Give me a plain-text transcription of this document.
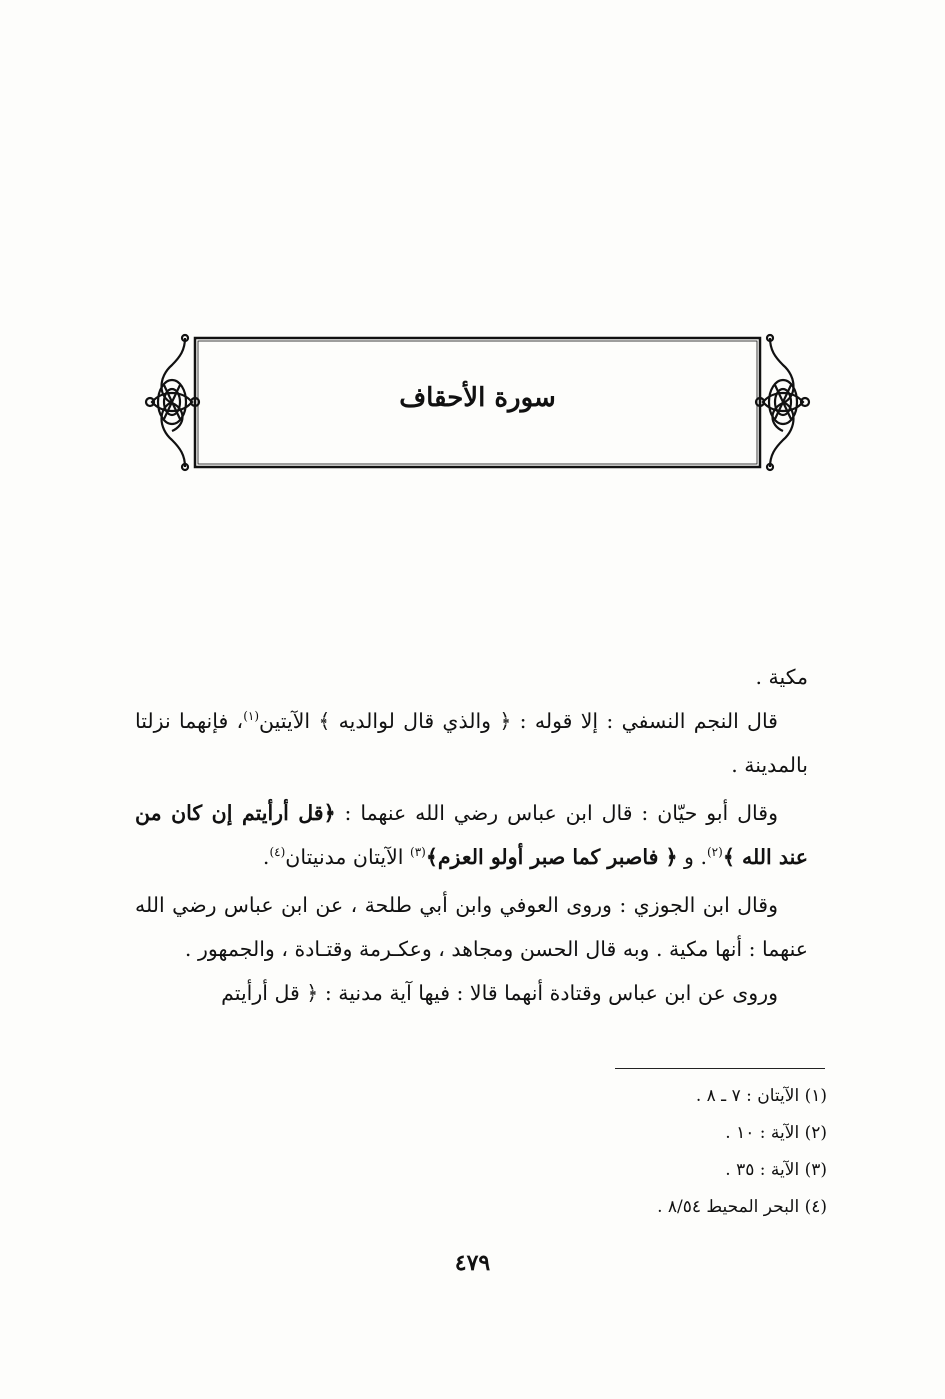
سورة الأحقاف

مكية .

قال النجم النسفي : إلا قوله : ﴿ والذي قال لوالديه ﴾ الآيتين$^{(١)}$، فإنهما نزلتا بالمدينة .

وقال أبو حيّان : قال ابن عباس رضي الله عنهما : ﴿قل أرأيتم إن كان من عند الله ﴾$^{(٢)}$. و ﴿ فاصبر كما صبر أولو العزم﴾$^{(٣)}$ الآيتان مدنيتان$^{(٤)}$.

وقال ابن الجوزي : وروى العوفي وابن أبي طلحة ، عن ابن عباس رضي الله عنهما : أنها مكية . وبه قال الحسن ومجاهد ، وعكـرمة وقتـادة ، والجمهور .

وروى عن ابن عباس وقتادة أنهما قالا : فيها آية مدنية : ﴿ قل أرأيتم

(١) الآيتان : ٧ ـ ٨ .
(٢) الآية : ١٠ .
(٣) الآية : ٣٥ .
(٤) البحر المحيط ٨/٥٤ .
٤٧٩
